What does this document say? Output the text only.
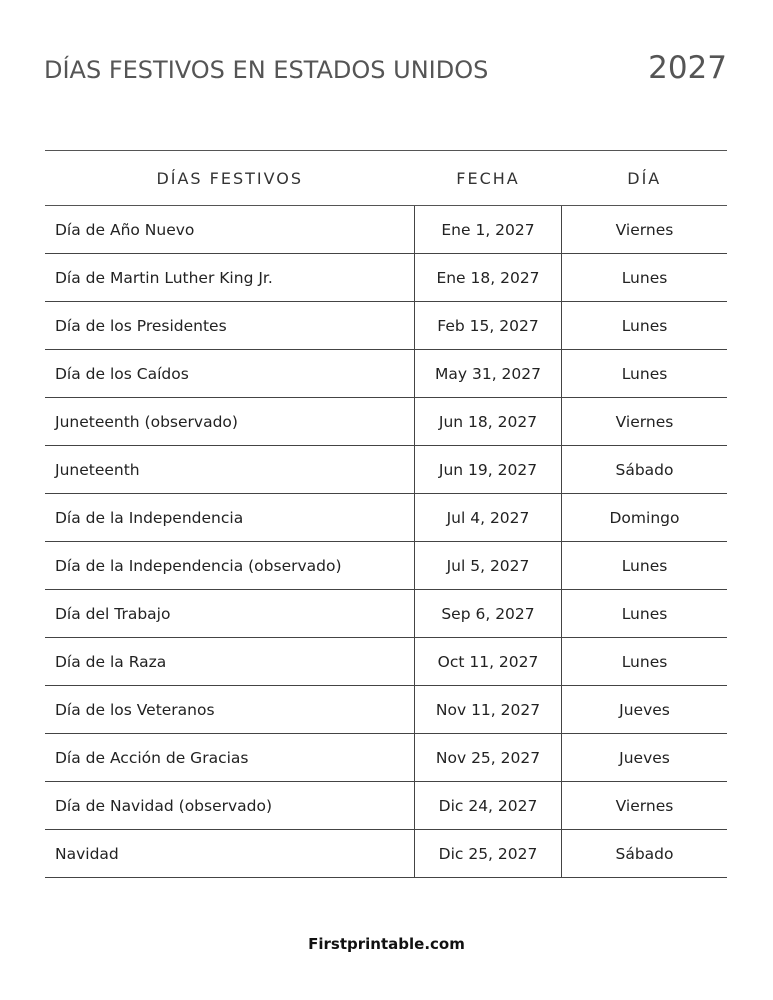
DÍAS FESTIVOS EN ESTADOS UNIDOS	2027
DÍAS FESTIVOS	FECHA	DÍA
Día de Año Nuevo	Ene 1, 2027	Viernes
Día de Martin Luther King Jr.	Ene 18, 2027	Lunes
Día de los Presidentes	Feb 15, 2027	Lunes
Día de los Caídos	May 31, 2027	Lunes
Juneteenth (observado)	Jun 18, 2027	Viernes
Juneteenth	Jun 19, 2027	Sábado
Día de la Independencia	Jul 4, 2027	Domingo
Día de la Independencia (observado)	Jul 5, 2027	Lunes
Día del Trabajo	Sep 6, 2027	Lunes
Día de la Raza	Oct 11, 2027	Lunes
Día de los Veteranos	Nov 11, 2027	Jueves
Día de Acción de Gracias	Nov 25, 2027	Jueves
Día de Navidad (observado)	Dic 24, 2027	Viernes
Navidad	Dic 25, 2027	Sábado
Firstprintable.com
